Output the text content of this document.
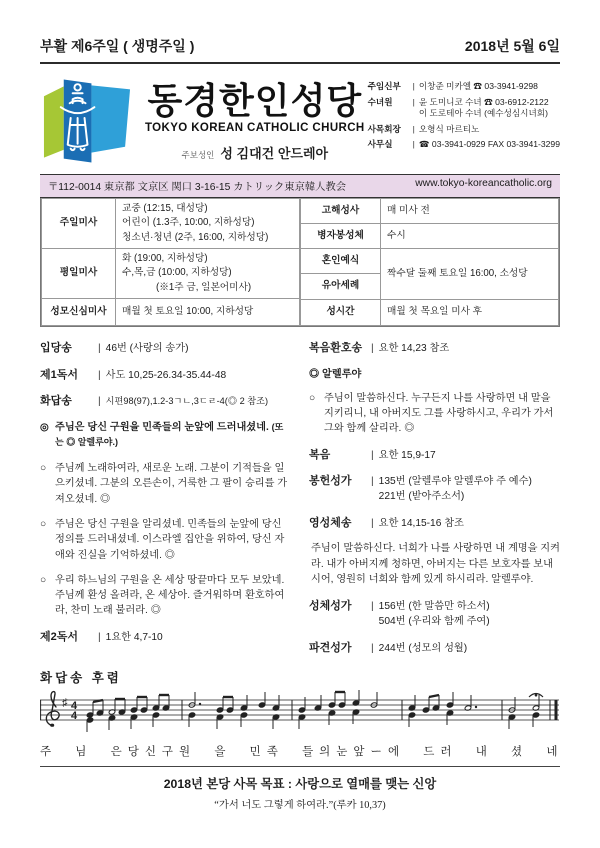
부활 제6주일 ( 생명주일 )	2018년 5월 6일
동경한인성당
TOKYO KOREAN CATHOLIC CHURCH
주보성인 성 김대건 안드레아
주임신부 |	이창준 미카엘 ☎ 03-3941-9298
수녀원 |	윤 도미니코 수녀 ☎ 03-6912-2122
이 도로테아 수녀 (예수성심시녀회)
사목회장 |	오형식 마르티노
사무실 |	☎ 03-3941-0929 FAX 03-3941-3299
〒112-0014 東京都 文京区 関口 3-16-15 カトリック東京韓人教会	www.tokyo-koreancatholic.org
주일미사	교중 (12:15, 대성당)
어린이 (1.3주, 10:00, 지하성당)
청소년·청년 (2주, 16:00, 지하성당)
평일미사	화 (19:00, 지하성당)
수,목,금 (10:00, 지하성당)
(※1주 금, 일본어미사)

성모신심미사	매월 첫 토요일 10:00, 지하성당
고해성사	매 미사 전
병자봉성체	수시
혼인예식	짝수달 둘째 토요일 16:00, 소성당
유아세례	
성시간	매월 첫 목요일 미사 후
입당송 |	46번 (사랑의 송가)
제1독서 |	사도 10,25-26.34-35.44-48
화답송 |	시편98(97),1.2-3ㄱㄴ,3ㄷㄹ-4(◎ 2 참조)
◎ 주님은 당신 구원을 민족들의 눈앞에 드러내셨네. (또는 ◎ 알렐루야.)
○ 주님께 노래하여라, 새로운 노래. 그분이 기적들을 일으키셨네. 그분의 오른손이, 거룩한 그 팔이 승리를 가져오셨네. ◎
○ 주님은 당신 구원을 알리셨네. 민족들의 눈앞에 당신 정의를 드러내셨네. 이스라엘 집안을 위하여, 당신 자애와 진실을 기억하셨네. ◎
○ 우리 하느님의 구원을 온 세상 땅끝마다 모두 보았네. 주님께 환성 올려라, 온 세상아. 즐거워하며 환호하여라, 찬미 노래 불러라. ◎
제2독서 |	1요한 4,7-10
복음환호송 | 요한 14,23 참조
◎ 알렐루야
○ 주님이 말씀하신다. 누구든지 나를 사랑하면 내 말을 지키리니, 내 아버지도 그를 사랑하시고, 우리가 가서 그와 함께 살리라. ◎
복음 |	요한 15,9-17
봉헌성가 |	135번 (알렐루야 알렐루야 주 예수)
221번 (받아주소서)
영성체송 |	요한 14,15-16 참조
주님이 말씀하신다. 너희가 나를 사랑하면 내 계명을 지켜라. 내가 아버지께 청하면, 아버지는 다른 보호자를 보내시어, 영원히 너희와 함께 있게 하시리라. 알렐루야.
성체성가 |	156번 (한 말씀만 하소서)
504번 (우리와 함께 주여)
파견성가 |	244번 (성모의 성월)
화답송 후렴
♯ 4
4
주 님 은당신구원 을 민족 들의눈앞ー에 드러 내 셨 네
2018년 본당 사목 목표 : 사랑으로 열매를 맺는 신앙
“가서 너도 그렇게 하여라.”(루카 10,37)
